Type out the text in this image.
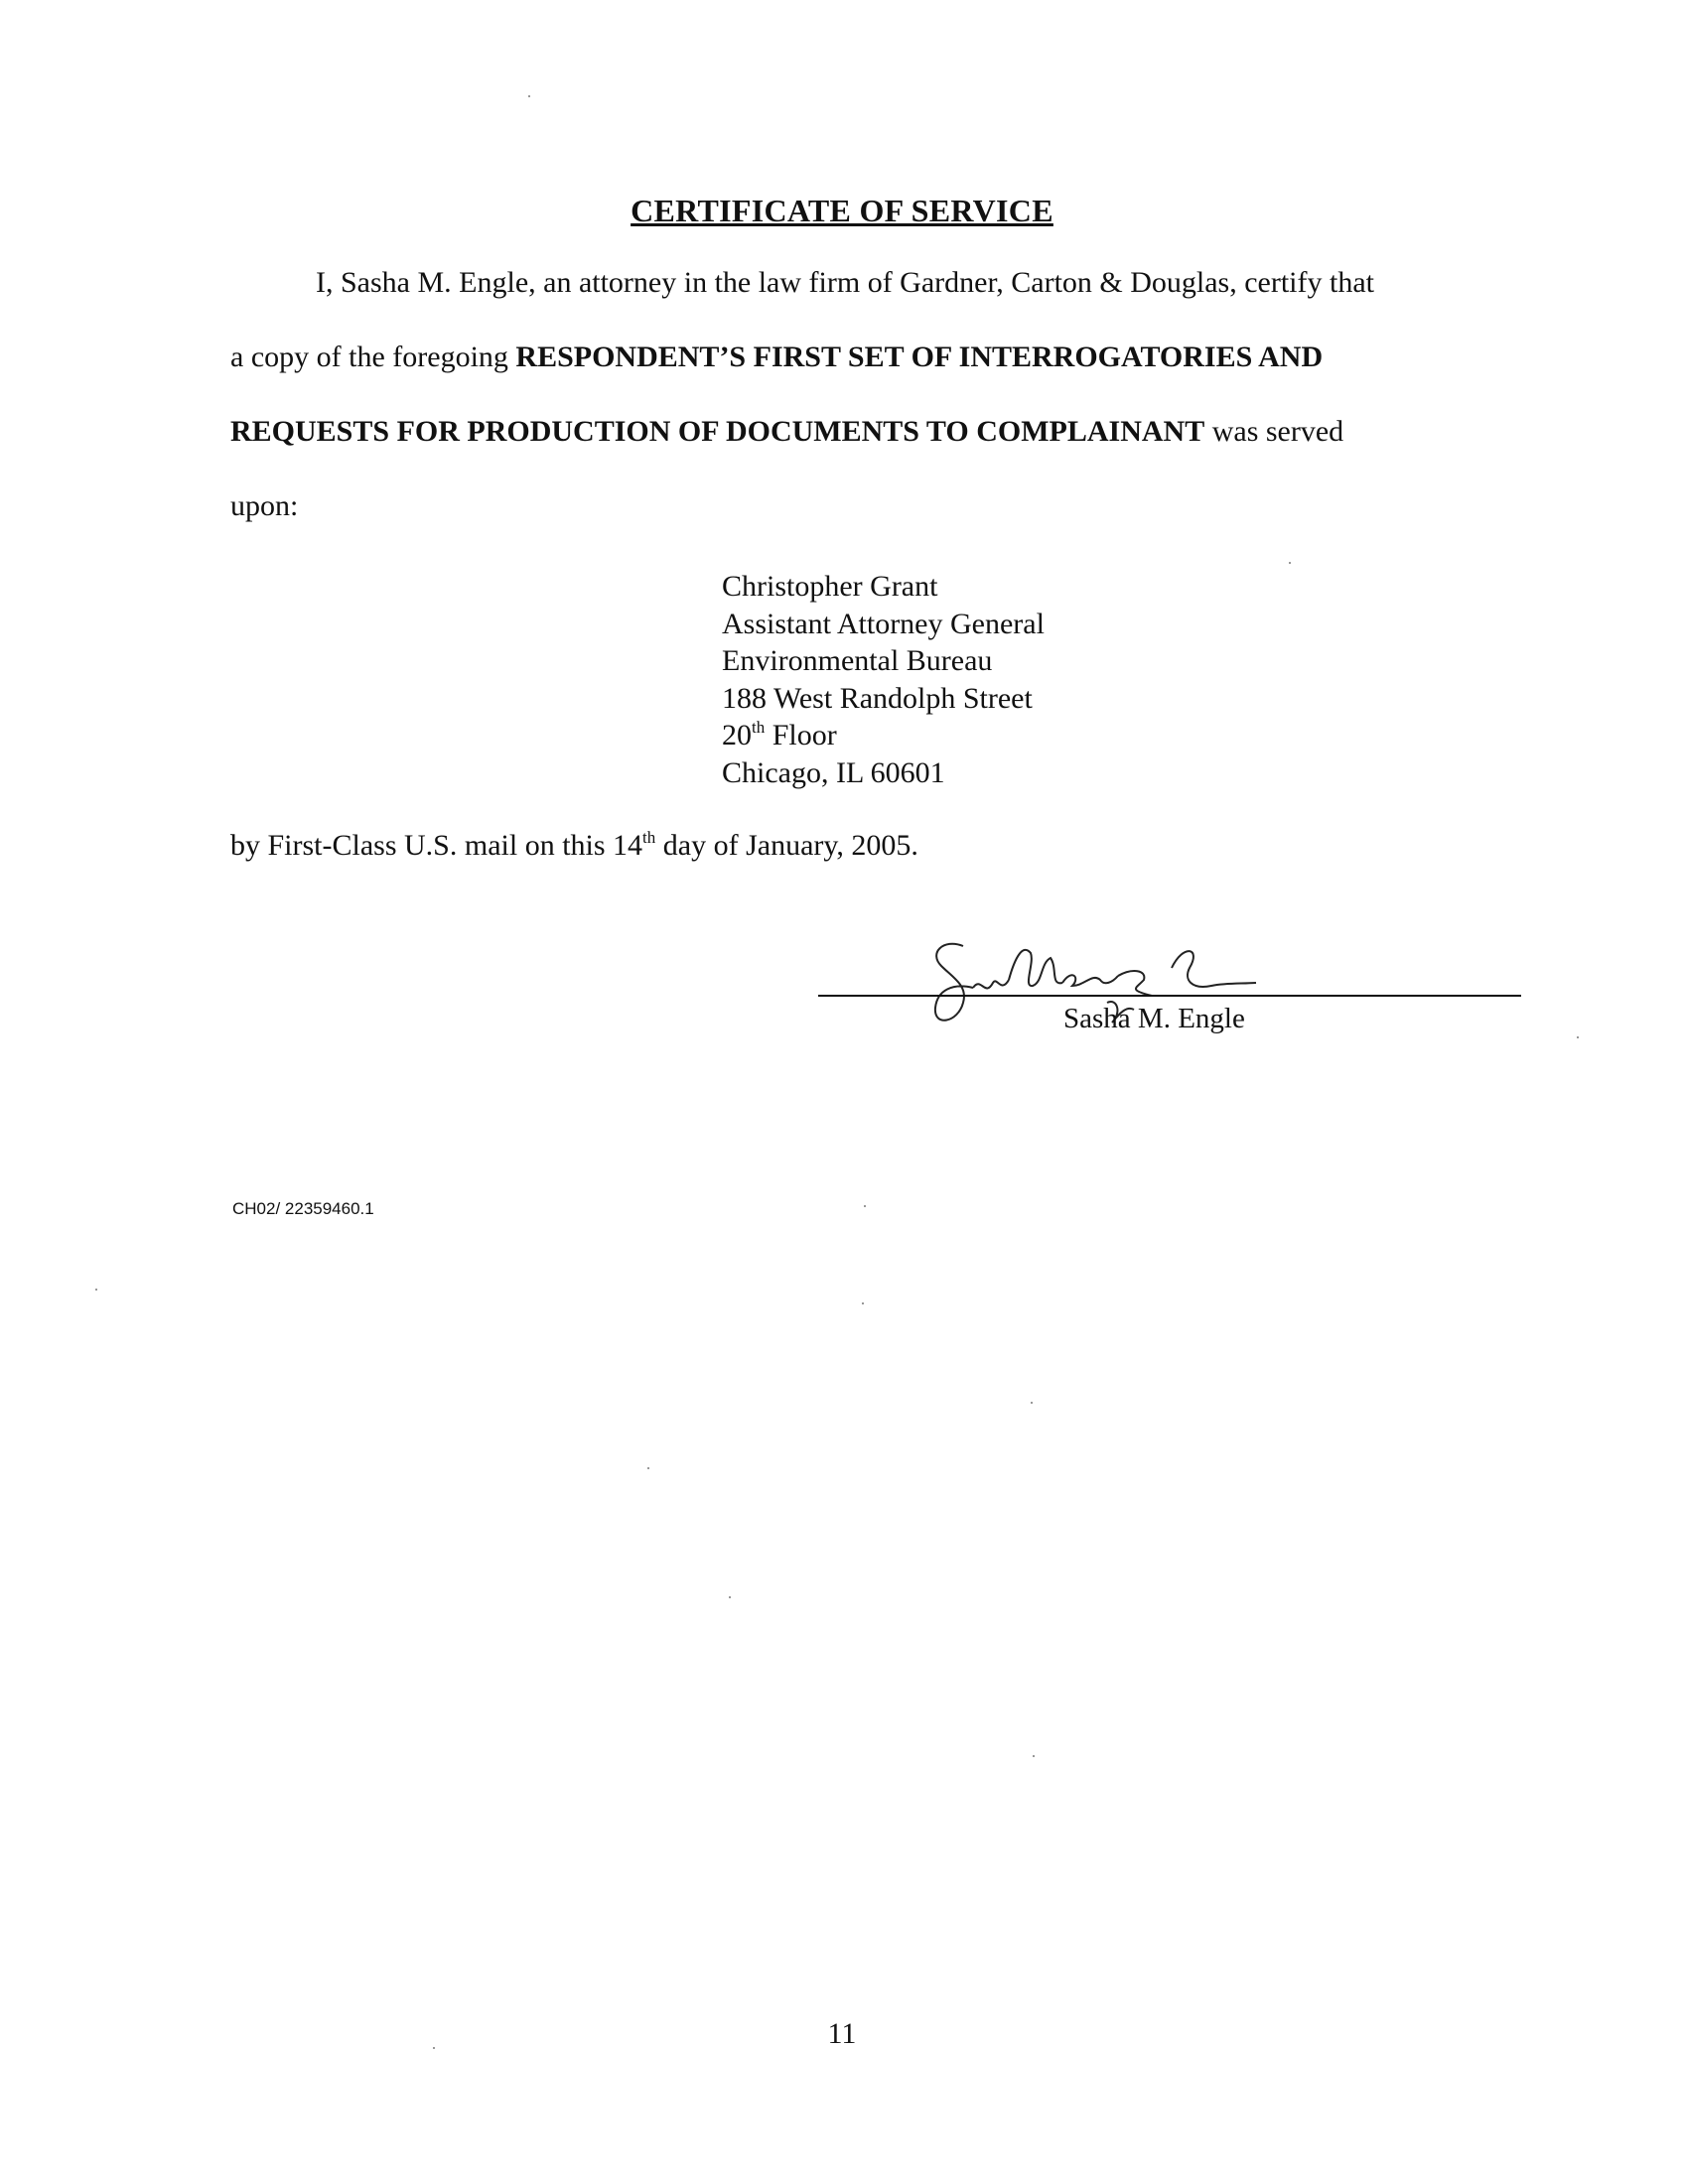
CERTIFICATE OF SERVICE
I, Sasha M. Engle, an attorney in the law firm of Gardner, Carton & Douglas, certify that
a copy of the foregoing RESPONDENT’S FIRST SET OF INTERROGATORIES AND
REQUESTS FOR PRODUCTION OF DOCUMENTS TO COMPLAINANT was served
upon:
Christopher Grant
Assistant Attorney General
Environmental Bureau
188 West Randolph Street
20th Floor
Chicago, IL 60601
by First-Class U.S. mail on this 14th day of January, 2005.
Sasha M. Engle
CH02/ 22359460.1
11
